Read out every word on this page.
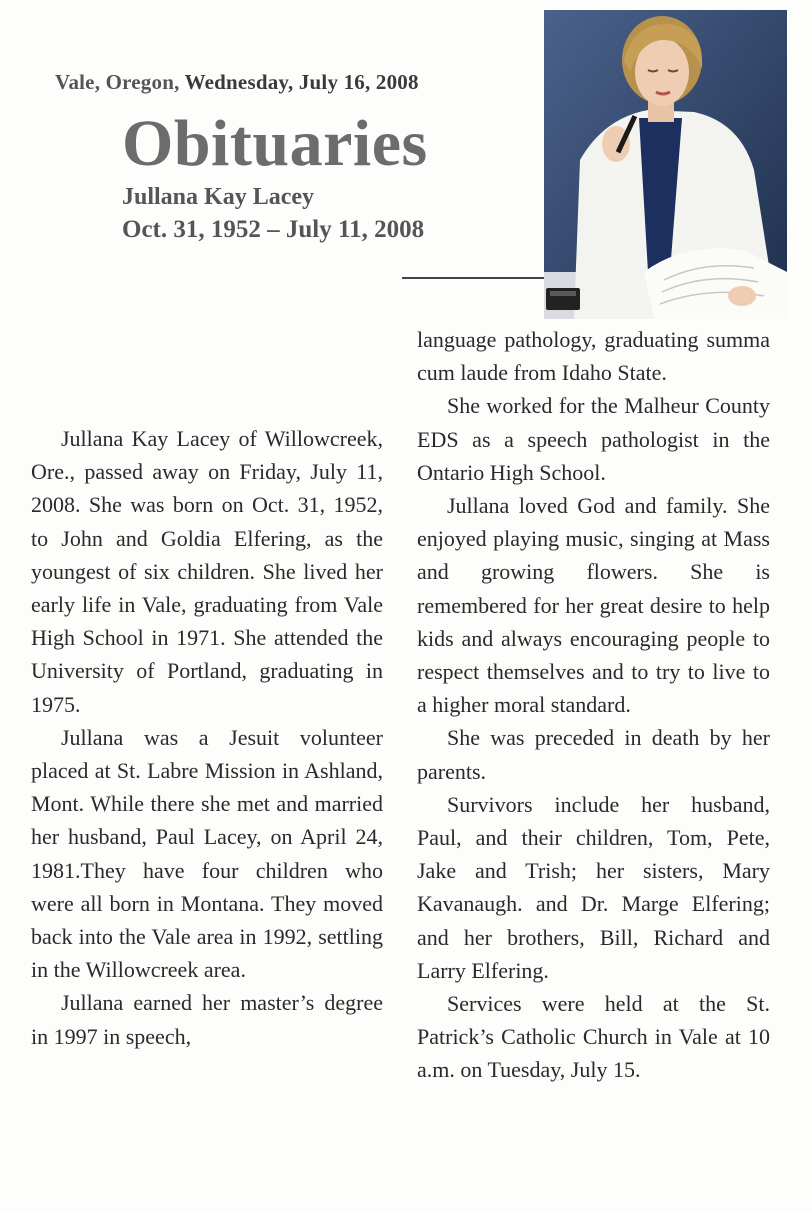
Vale, Oregon, Wednesday, July 16, 2008

Obituaries

Jullana Kay Lacey

Oct. 31, 1952 – July 11, 2008

Jullana Kay Lacey of Willowcreek, Ore., passed away on Friday, July 11, 2008. She was born on Oct. 31, 1952, to John and Goldia Elfering, as the youngest of six children. She lived her early life in Vale, graduating from Vale High School in 1971. She attended the University of Portland, graduating in 1975.

Jullana was a Jesuit volunteer placed at St. Labre Mission in Ashland, Mont. While there she met and married her husband, Paul Lacey, on April 24, 1981.They have four children who were all born in Montana. They moved back into the Vale area in 1992, settling in the Willowcreek area.

Jullana earned her master’s degree in 1997 in speech,

language pathology, graduating summa cum laude from Idaho State.

She worked for the Malheur County EDS as a speech pathologist in the Ontario High School.

Jullana loved God and family. She enjoyed playing music, singing at Mass and growing flowers. She is remembered for her great desire to help kids and always encouraging people to respect themselves and to try to live to a higher moral standard.

She was preceded in death by her parents.

Survivors include her husband, Paul, and their children, Tom, Pete, Jake and Trish; her sisters, Mary Kavanaugh. and Dr. Marge Elfering; and her brothers, Bill, Richard and Larry Elfering.

Services were held at the St. Patrick’s Catholic Church in Vale at 10 a.m. on Tuesday, July 15.
